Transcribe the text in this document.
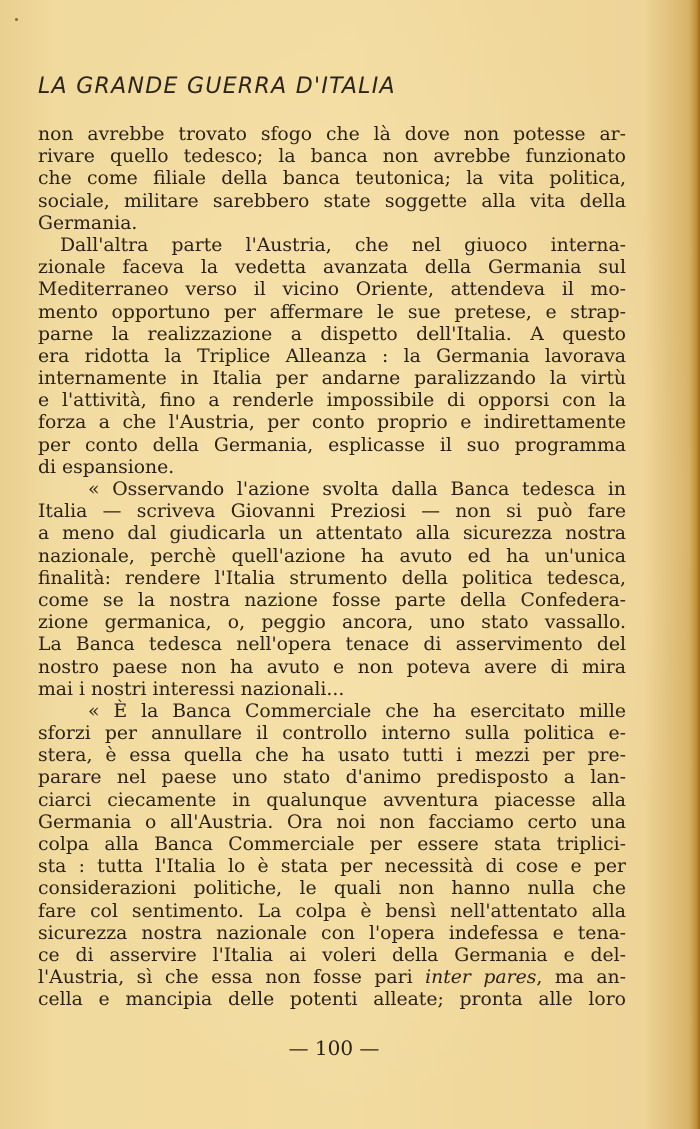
LA GRANDE GUERRA D'ITALIA
non avrebbe trovato sfogo che là dove non potesse ar-
rivare quello tedesco; la banca non avrebbe funzionato
che come filiale della banca teutonica; la vita politica,
sociale, militare sarebbero state soggette alla vita della
Germania.
Dall'altra parte l'Austria, che nel giuoco interna-
zionale faceva la vedetta avanzata della Germania sul
Mediterraneo verso il vicino Oriente, attendeva il mo-
mento opportuno per affermare le sue pretese, e strap-
parne la realizzazione a dispetto dell'Italia. A questo
era ridotta la Triplice Alleanza : la Germania lavorava
internamente in Italia per andarne paralizzando la virtù
e l'attività, fino a renderle impossibile di opporsi con la
forza a che l'Austria, per conto proprio e indirettamente
per conto della Germania, esplicasse il suo programma
di espansione.
« Osservando l'azione svolta dalla Banca tedesca in
Italia — scriveva Giovanni Preziosi — non si può fare
a meno dal giudicarla un attentato alla sicurezza nostra
nazionale, perchè quell'azione ha avuto ed ha un'unica
finalità: rendere l'Italia strumento della politica tedesca,
come se la nostra nazione fosse parte della Confedera-
zione germanica, o, peggio ancora, uno stato vassallo.
La Banca tedesca nell'opera tenace di asservimento del
nostro paese non ha avuto e non poteva avere di mira
mai i nostri interessi nazionali...
« È la Banca Commerciale che ha esercitato mille
sforzi per annullare il controllo interno sulla politica e-
stera, è essa quella che ha usato tutti i mezzi per pre-
parare nel paese uno stato d'animo predisposto a lan-
ciarci ciecamente in qualunque avventura piacesse alla
Germania o all'Austria. Ora noi non facciamo certo una
colpa alla Banca Commerciale per essere stata triplici-
sta : tutta l'Italia lo è stata per necessità di cose e per
considerazioni politiche, le quali non hanno nulla che
fare col sentimento. La colpa è bensì nell'attentato alla
sicurezza nostra nazionale con l'opera indefessa e tena-
ce di asservire l'Italia ai voleri della Germania e del-
l'Austria, sì che essa non fosse pari inter pares, ma an-
cella e mancipia delle potenti alleate; pronta alle loro
— 100 —
